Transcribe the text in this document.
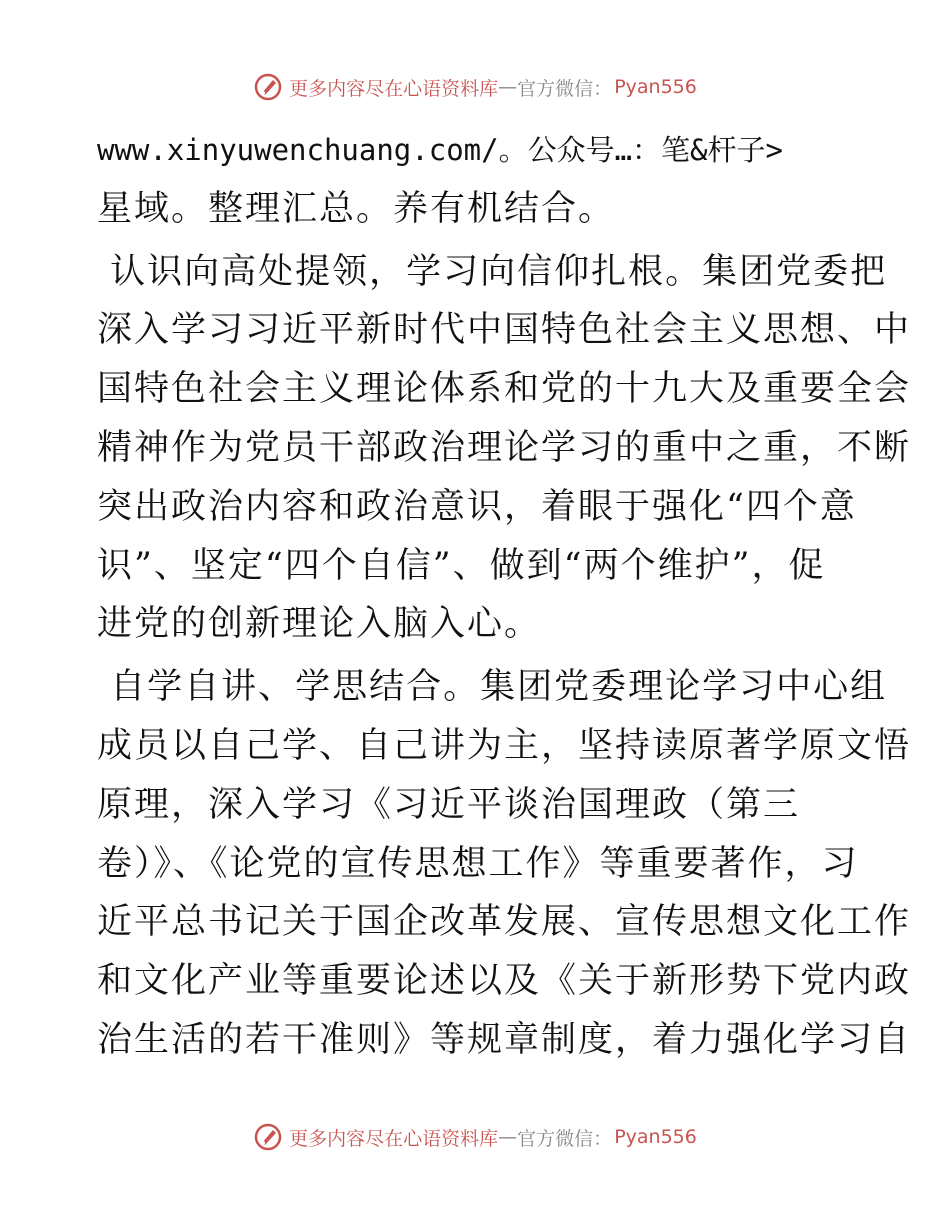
更多内容尽在心语资料库 — 官方微信： Pyan556

www.xinyuwenchuang.com/。公众号…：笔&杆子>
星域。整理汇总。养有机结合。

认识向高处提领，学习向信仰扎根。集团党委把
深入学习习近平新时代中国特色社会主义思想、中
国特色社会主义理论体系和党的十九大及重要全会
精神作为党员干部政治理论学习的重中之重，不断
突出政治内容和政治意识，着眼于强化“四个意
识”、坚定“四个自信”、做到“两个维护”，促
进党的创新理论入脑入心。

自学自讲、学思结合。集团党委理论学习中心组
成员以自己学、自己讲为主，坚持读原著学原文悟
原理，深入学习《习近平谈治国理政（第三
卷）》、《论党的宣传思想工作》等重要著作，习
近平总书记关于国企改革发展、宣传思想文化工作
和文化产业等重要论述以及《关于新形势下党内政
治生活的若干准则》等规章制度，着力强化学习自

更多内容尽在心语资料库 — 官方微信： Pyan556
